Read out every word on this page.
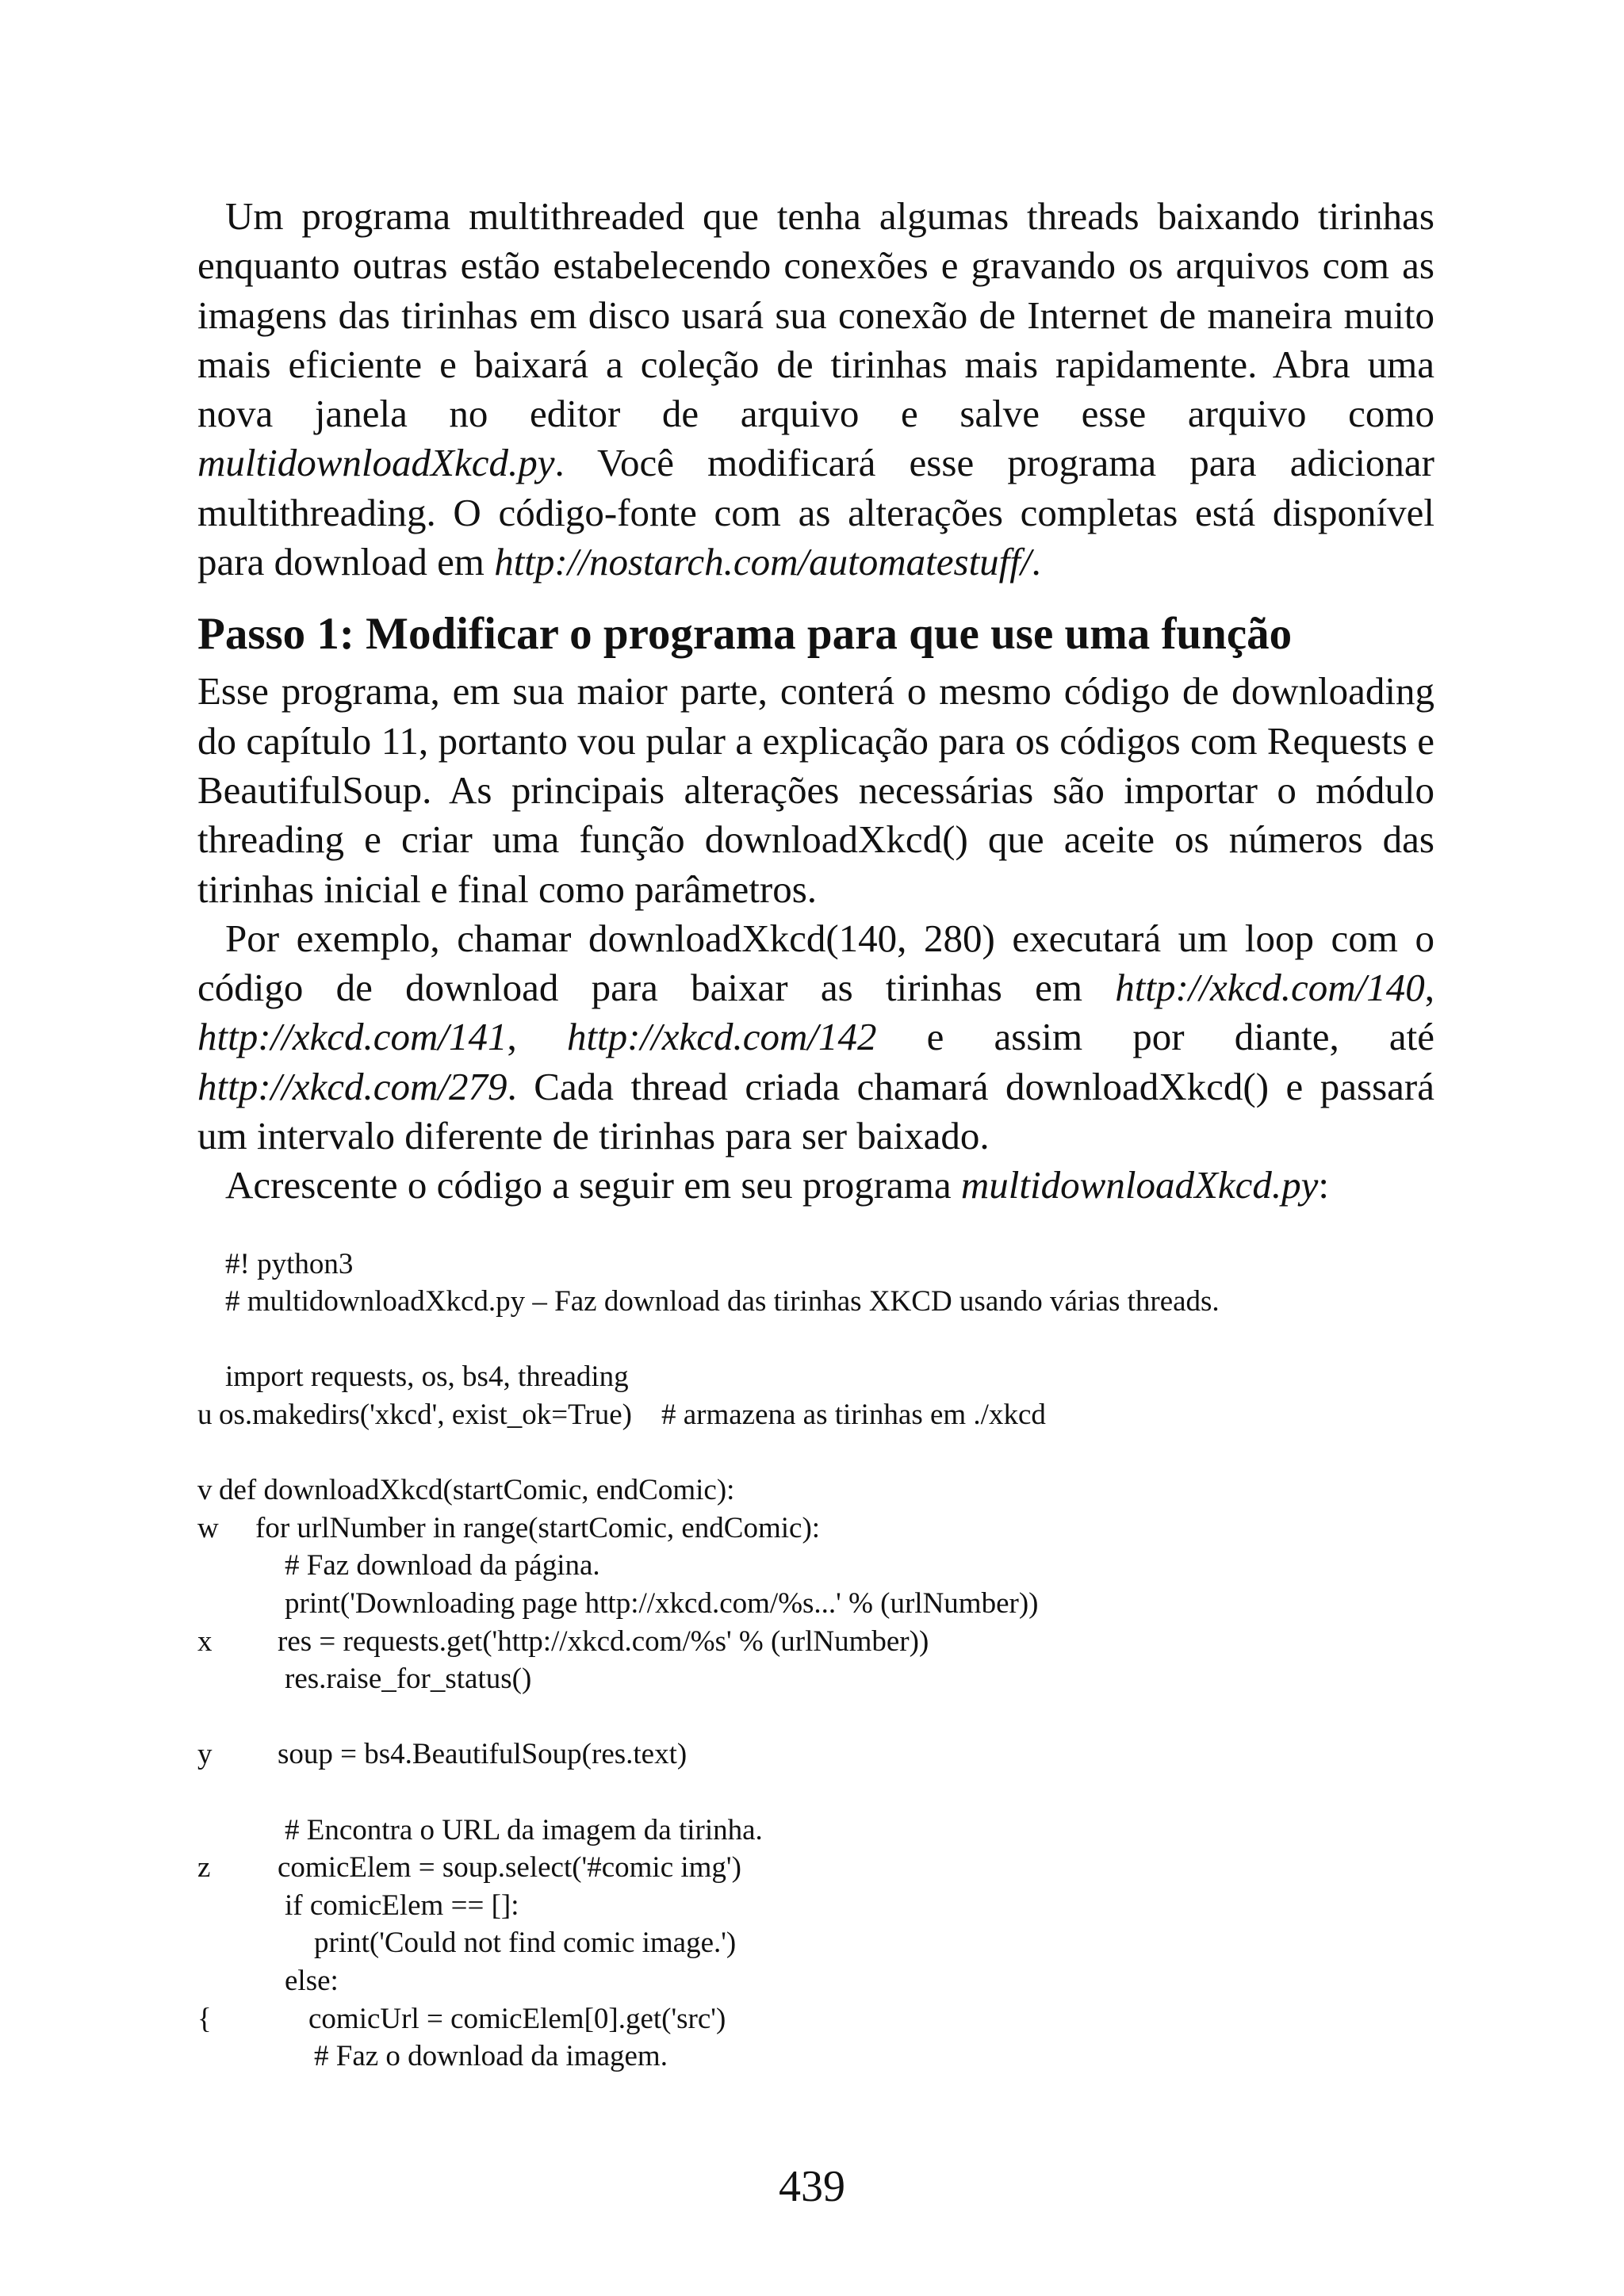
Um programa multithreaded que tenha algumas threads baixando tirinhas enquanto outras estão estabelecendo conexões e gravando os arquivos com as imagens das tirinhas em disco usará sua conexão de Internet de maneira muito mais eficiente e baixará a coleção de tirinhas mais rapidamente. Abra uma nova janela no editor de arquivo e salve esse arquivo como multidownloadXkcd.py. Você modificará esse programa para adicionar multithreading. O código-fonte com as alterações completas está disponível para download em http://nostarch.com/automatestuff/.

Passo 1: Modificar o programa para que use uma função

Esse programa, em sua maior parte, conterá o mesmo código de downloading do capítulo 11, portanto vou pular a explicação para os códigos com Requests e BeautifulSoup. As principais alterações necessárias são importar o módulo threading e criar uma função downloadXkcd() que aceite os números das tirinhas inicial e final como parâmetros.

Por exemplo, chamar downloadXkcd(140, 280) executará um loop com o código de download para baixar as tirinhas em http://xkcd.com/140, http://xkcd.com/141, http://xkcd.com/142 e assim por diante, até http://xkcd.com/279. Cada thread criada chamará downloadXkcd() e passará um intervalo diferente de tirinhas para ser baixado.

Acrescente o código a seguir em seu programa multidownloadXkcd.py:

#! python3
# multidownloadXkcd.py – Faz download das tirinhas XKCD usando várias threads.
import requests, os, bs4, threading
u os.makedirs('xkcd', exist_ok=True)    # armazena as tirinhas em ./xkcd
v def downloadXkcd(startComic, endComic):
w for urlNumber in range(startComic, endComic):
# Faz download da página.
print('Downloading page http://xkcd.com/%s...' % (urlNumber))
x res = requests.get('http://xkcd.com/%s' % (urlNumber))
res.raise_for_status()
y soup = bs4.BeautifulSoup(res.text)
# Encontra o URL da imagem da tirinha.
z comicElem = soup.select('#comic img')
if comicElem == []:
print('Could not find comic image.')
else:
{	comicUrl = comicElem[0].get('src')
# Faz o download da imagem.
439
